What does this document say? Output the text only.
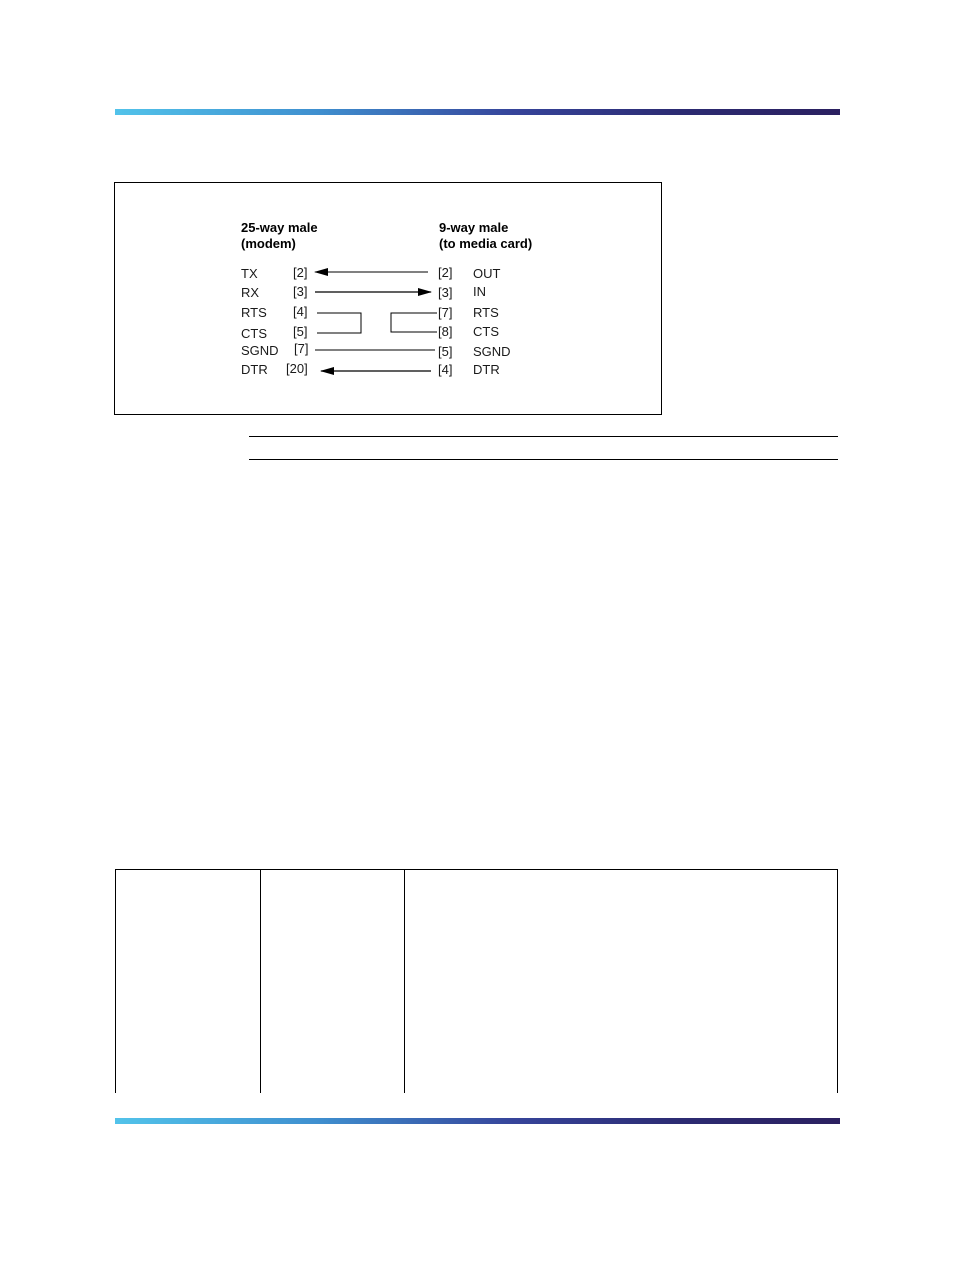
25-way male
(modem)
9-way male
(to media card)
TX	[2]	[2] OUT
RX	[3]	[3] IN
RTS [4]	[7] RTS
CTS [5]	[8] CTS
SGND [7]	[5] SGND
DTR [20]	[4] DTR
